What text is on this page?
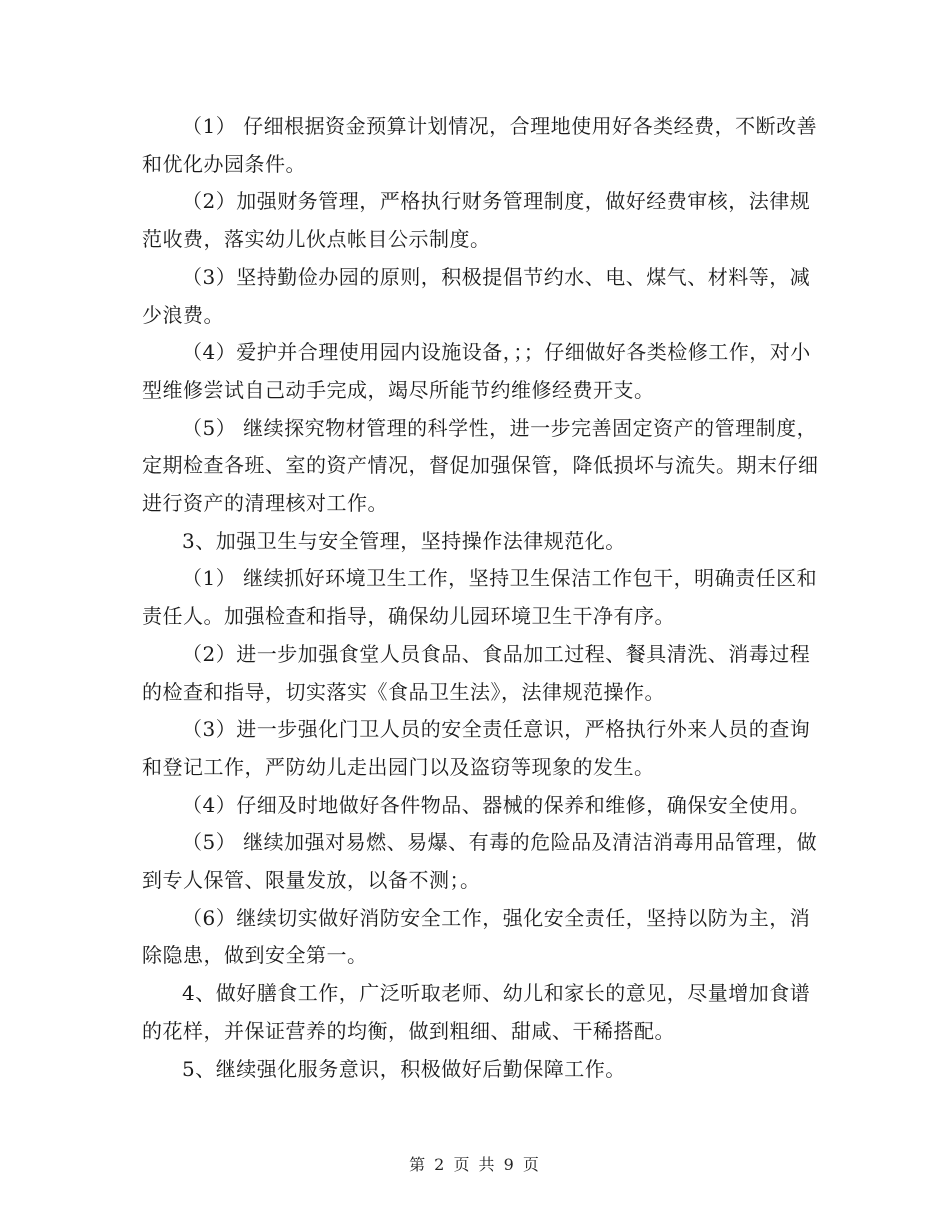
（1） 仔细根据资金预算计划情况，合理地使用好各类经费，不断改善和优化办园条件。

（2）加强财务管理，严格执行财务管理制度，做好经费审核，法律规范收费，落实幼儿伙点帐目公示制度。

（3）坚持勤俭办园的原则，积极提倡节约水、电、煤气、材料等，减少浪费。

（4）爱护并合理使用园内设施设备，；；仔细做好各类检修工作，对小型维修尝试自己动手完成，竭尽所能节约维修经费开支。

（5） 继续探究物材管理的科学性，进一步完善固定资产的管理制度，定期检查各班、室的资产情况，督促加强保管，降低损坏与流失。期末仔细进行资产的清理核对工作。

3、加强卫生与安全管理，坚持操作法律规范化。

（1） 继续抓好环境卫生工作，坚持卫生保洁工作包干，明确责任区和责任人。加强检查和指导，确保幼儿园环境卫生干净有序。

（2）进一步加强食堂人员食品、食品加工过程、餐具清洗、消毒过程的检查和指导，切实落实《食品卫生法》，法律规范操作。

（3）进一步强化门卫人员的安全责任意识，严格执行外来人员的查询和登记工作，严防幼儿走出园门以及盗窃等现象的发生。

（4）仔细及时地做好各件物品、器械的保养和维修，确保安全使用。

（5） 继续加强对易燃、易爆、有毒的危险品及清洁消毒用品管理，做到专人保管、限量发放，以备不测；。

（6）继续切实做好消防安全工作，强化安全责任，坚持以防为主，消除隐患，做到安全第一。

4、做好膳食工作，广泛听取老师、幼儿和家长的意见，尽量增加食谱的花样，并保证营养的均衡，做到粗细、甜咸、干稀搭配。

5、继续强化服务意识，积极做好后勤保障工作。

第 2 页 共 9 页
